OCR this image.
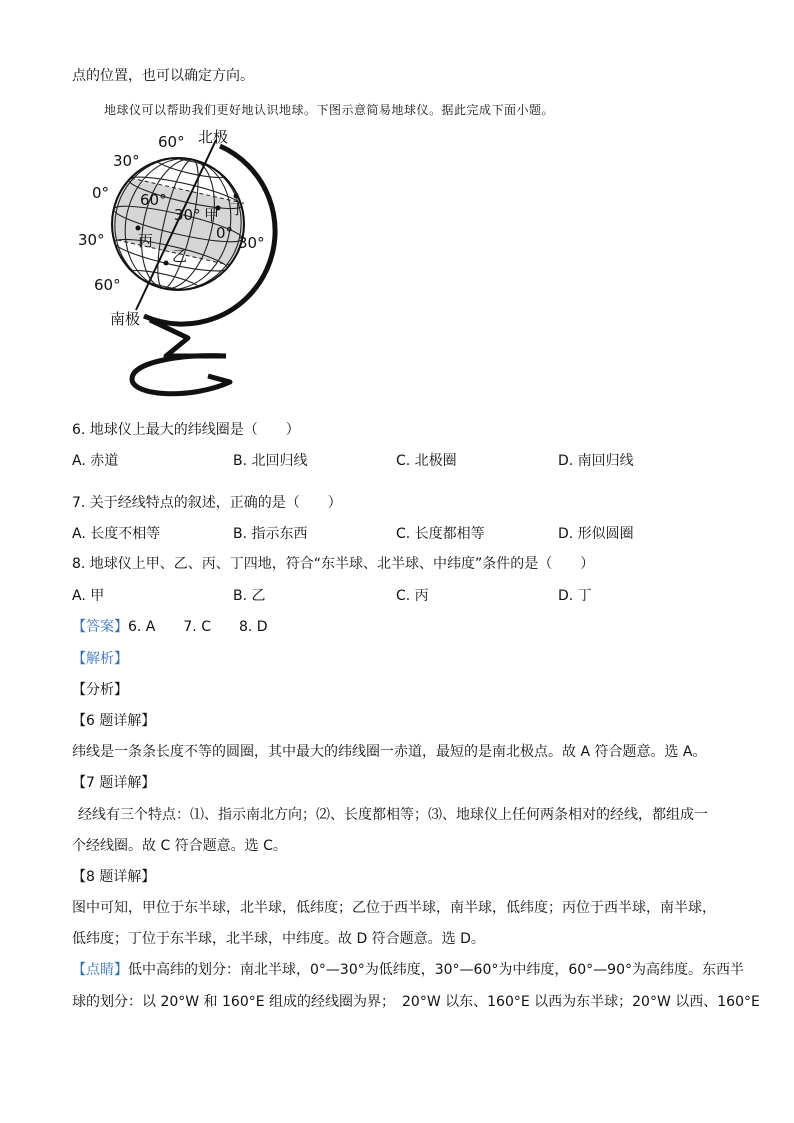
点的位置，也可以确定方向。
地球仪可以帮助我们更好地认识地球。下图示意简易地球仪。据此完成下面小题。
北极
南极
60°
30°
0°
30°
60°
60°
30°
0°
30°
甲
乙
丙
丁
6. 地球仪上最大的纬线圈是（　　）
A. 赤道	B. 北回归线	C. 北极圈	D. 南回归线
7. 关于经线特点的叙述，正确的是（　　）
A. 长度不相等	B. 指示东西	C. 长度都相等	D. 形似圆圈
8. 地球仪上甲、乙、丙、丁四地，符合“东半球、北半球、中纬度”条件的是（　　）
A. 甲	B. 乙	C. 丙	D. 丁
【答案】6. A　　7. C　　8. D
【解析】
【分析】
【6 题详解】
纬线是一条条长度不等的圆圈，其中最大的纬线圈一赤道，最短的是南北极点。故 A 符合题意。选 A。
【7 题详解】
经线有三个特点：⑴、指示南北方向；⑵、长度都相等；⑶、地球仪上任何两条相对的经线，都组成一
个经线圈。故 C 符合题意。选 C。
【8 题详解】
图中可知，甲位于东半球，北半球，低纬度；乙位于西半球，南半球，低纬度；丙位于西半球，南半球，
低纬度；丁位于东半球，北半球，中纬度。故 D 符合题意。选 D。
【点睛】低中高纬的划分：南北半球，0°—30°为低纬度，30°—60°为中纬度，60°—90°为高纬度。东西半
球的划分：以 20°W 和 160°E 组成的经线圈为界；　20°W 以东、160°E 以西为东半球；20°W 以西、160°E
